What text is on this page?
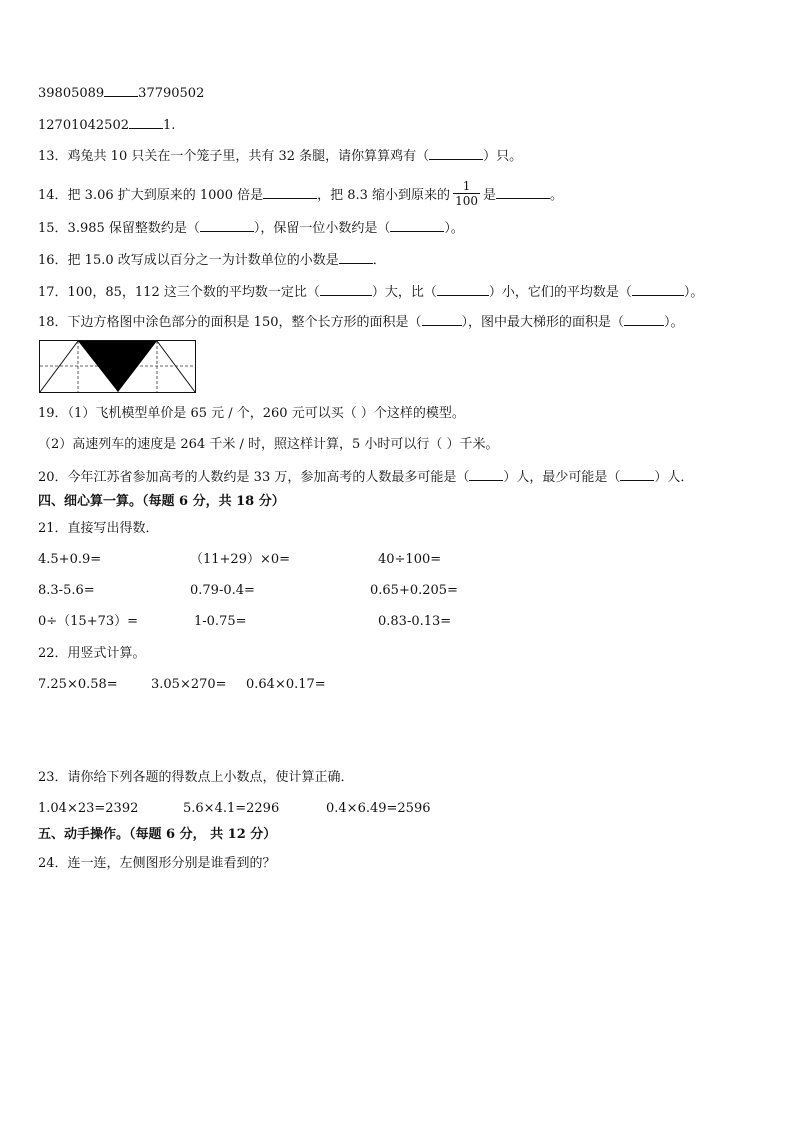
39805089	37790502
12701042502	1.
13．鸡兔共 10 只关在一个笼子里，共有 32 条腿，请你算算鸡有（	）只。
14．把 3.06 扩大到原来的 1000 倍是	，把 8.3 缩小到原来的 $\frac{1}{100}$ 是	。
15．3.985 保留整数约是（	），保留一位小数约是（	）。
16．把 15.0 改写成以百分之一为计数单位的小数是	．
17．100，85，112 这三个数的平均数一定比（	）大，比（	）小，它们的平均数是（	）。
18．下边方格图中涂色部分的面积是 150，整个长方形的面积是（	），图中最大梯形的面积是（	）。
19．（1）飞机模型单价是 65 元 / 个，260 元可以买（ ）个这样的模型。
（2）高速列车的速度是 264 千米 / 时，照这样计算，5 小时可以行（ ）千米。
20．今年江苏省参加高考的人数约是 33 万，参加高考的人数最多可能是（	）人，最少可能是（	）人．
四、细心算一算。（每题 6 分，共 18 分）
21．直接写出得数．
4.5+0.9=	（11+29）×0=	40÷100=
8.3-5.6=	0.79-0.4=	0.65+0.205=
0÷（15+73）=	1-0.75=	0.83-0.13=
22．用竖式计算。
7.25×0.58=	3.05×270= 0.64×0.17=
23．请你给下列各题的得数点上小数点，使计算正确．
1.04×23=2392	5.6×4.1=2296	0.4×6.49=2596
五、动手操作。（每题 6 分， 共 12 分）
24．连一连，左侧图形分别是谁看到的？
